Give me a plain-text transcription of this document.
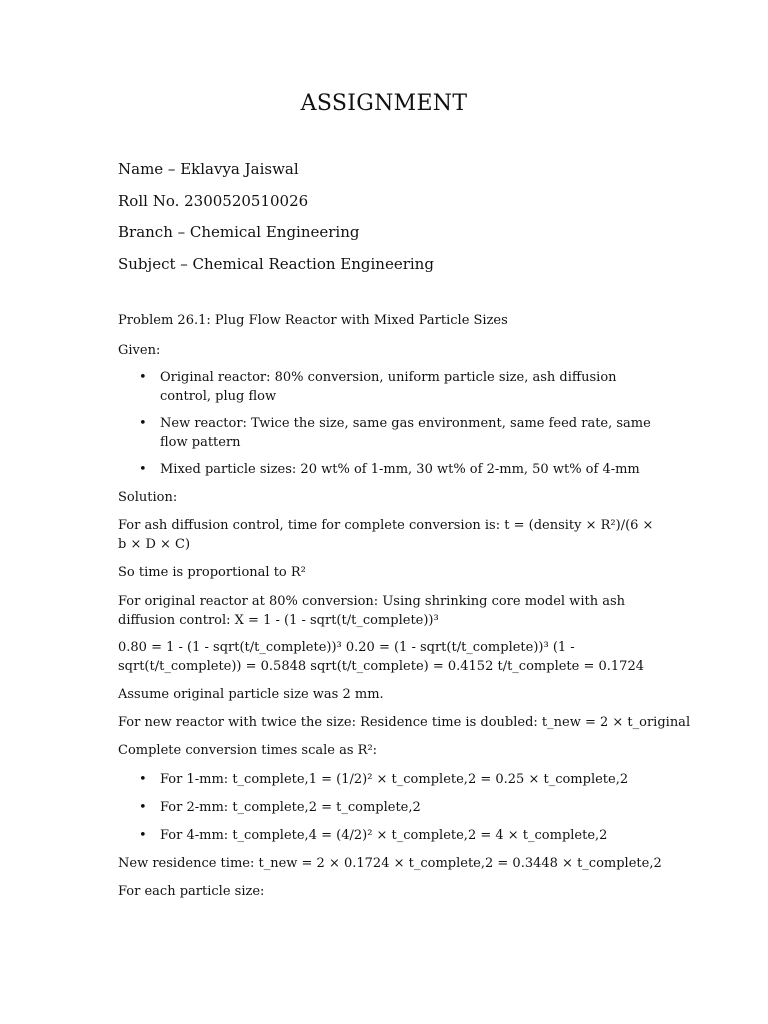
ASSIGNMENT
Name – Eklavya Jaiswal
Roll No. 2300520510026
Branch – Chemical Engineering
Subject – Chemical Reaction Engineering
Problem 26.1: Plug Flow Reactor with Mixed Particle Sizes
Given:
•	Original reactor: 80% conversion, uniform particle size, ash diffusion control, plug flow
•	New reactor: Twice the size, same gas environment, same feed rate, same flow pattern
•	Mixed particle sizes: 20 wt% of 1-mm, 30 wt% of 2-mm, 50 wt% of 4-mm
Solution:
For ash diffusion control, time for complete conversion is: t = (density × R²)/(6 × b × D × C)
So time is proportional to R²
For original reactor at 80% conversion: Using shrinking core model with ash diffusion control: X = 1 - (1 - sqrt(t/t_complete))³
0.80 = 1 - (1 - sqrt(t/t_complete))³ 0.20 = (1 - sqrt(t/t_complete))³ (1 - sqrt(t/t_complete)) = 0.5848 sqrt(t/t_complete) = 0.4152 t/t_complete = 0.1724
Assume original particle size was 2 mm.
For new reactor with twice the size: Residence time is doubled: t_new = 2 × t_original
Complete conversion times scale as R²:
•	For 1-mm: t_complete,1 = (1/2)² × t_complete,2 = 0.25 × t_complete,2
•	For 2-mm: t_complete,2 = t_complete,2
•	For 4-mm: t_complete,4 = (4/2)² × t_complete,2 = 4 × t_complete,2
New residence time: t_new = 2 × 0.1724 × t_complete,2 = 0.3448 × t_complete,2
For each particle size:
